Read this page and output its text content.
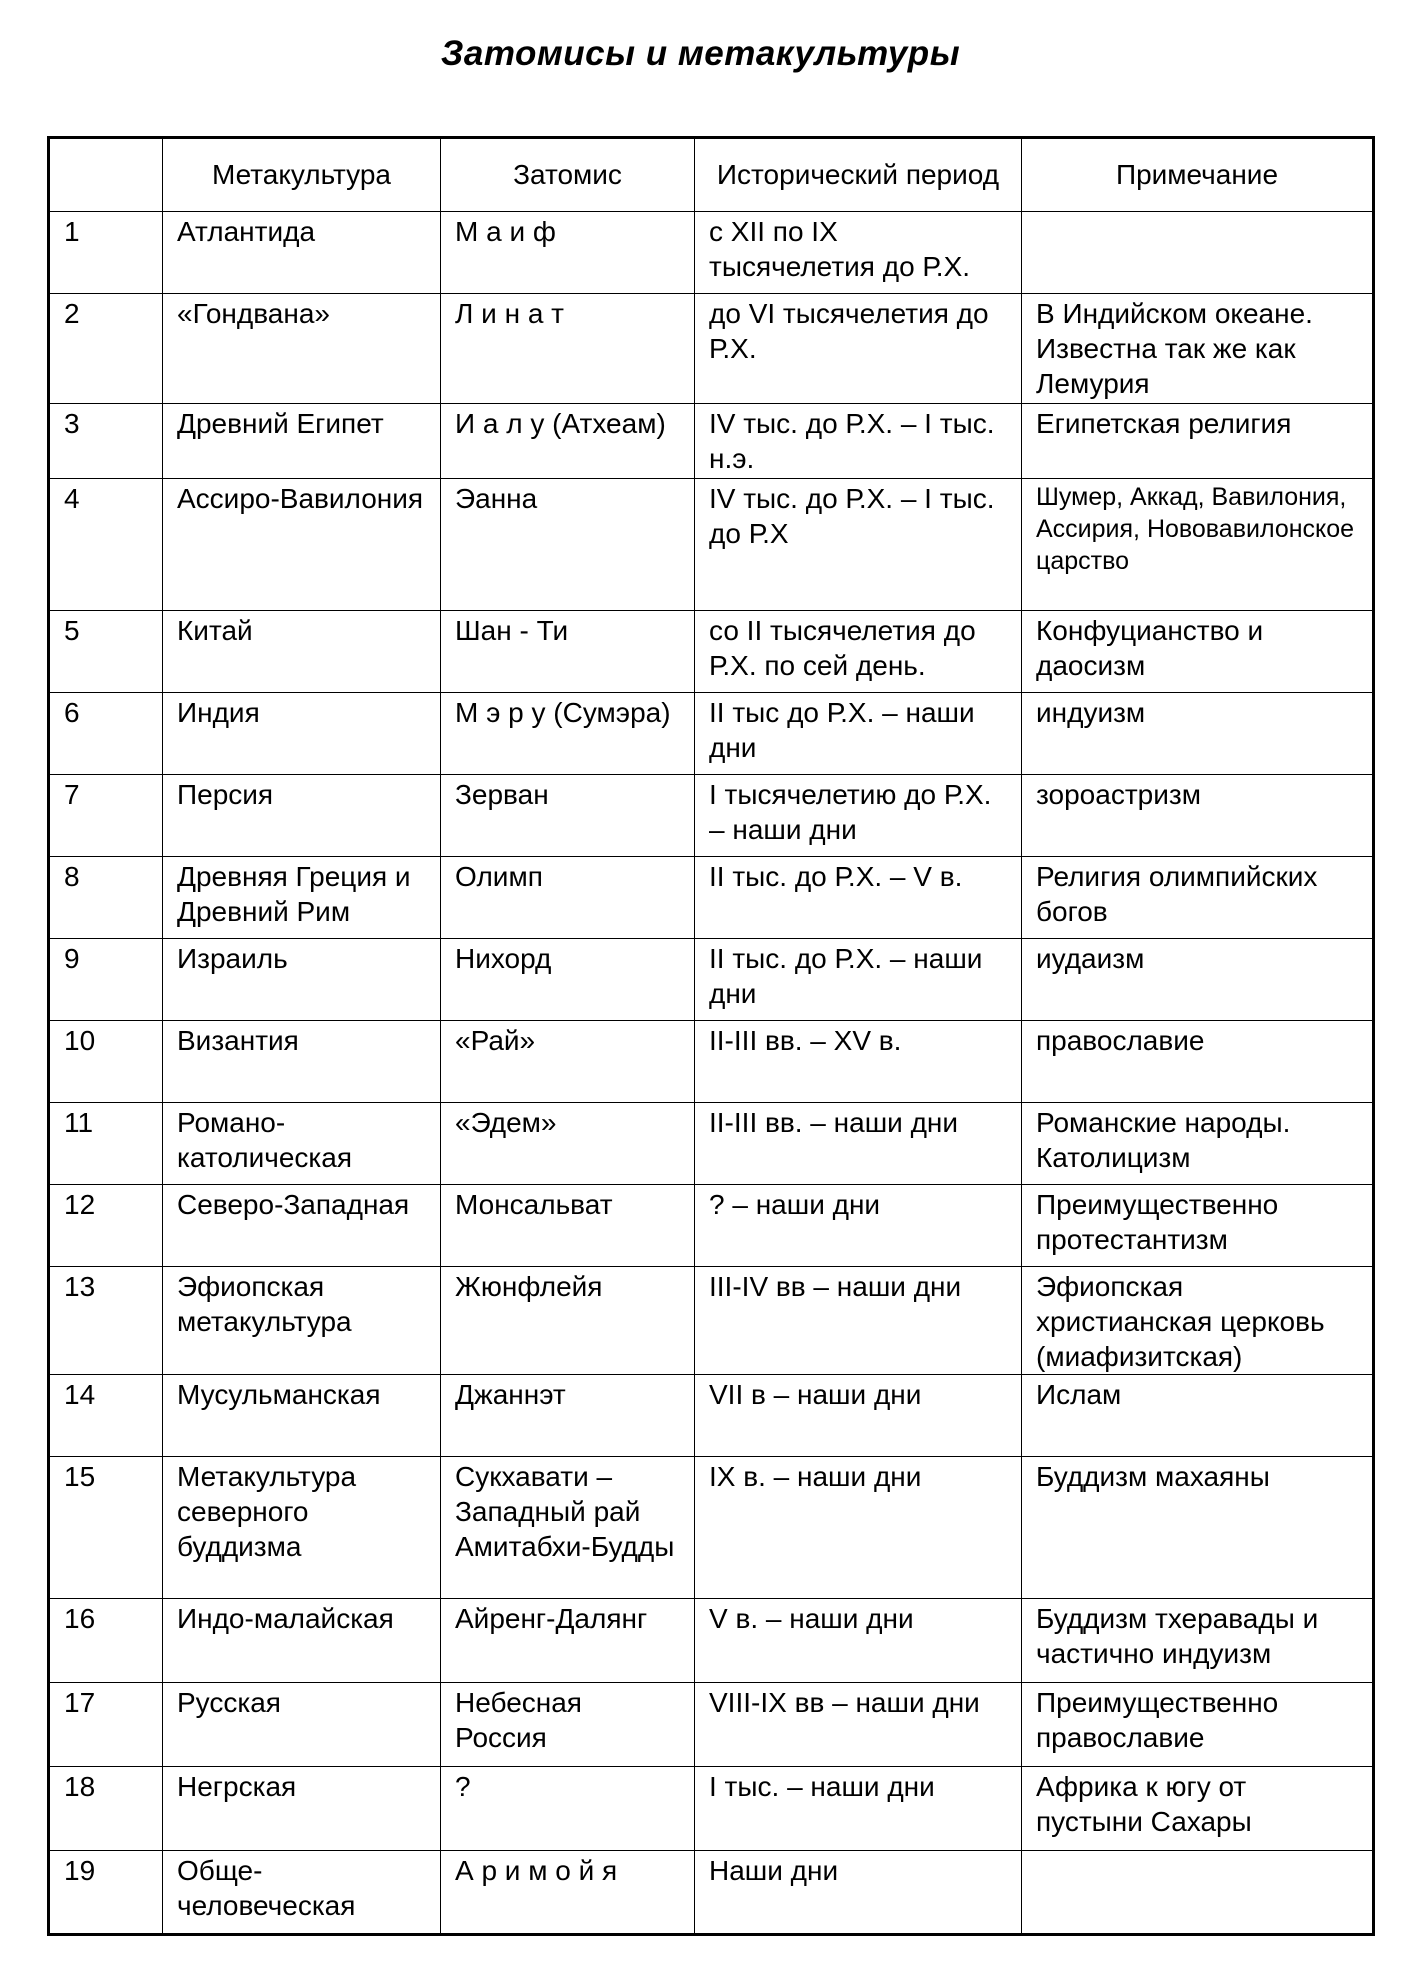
Затомисы и метакультуры
	Метакультура	Затомис	Исторический период	Примечание
1	Атлантида	М а и ф	с XII по IX тысячелетия до Р.Х.	
2	«Гондвана»	Л и н а т	до VI тысячелетия до Р.Х.	В Индийском океане. Известна так же как Лемурия
3	Древний Египет	И а л у (Атхеам)	IV тыс. до Р.Х. – I тыс. н.э.	Египетская религия
4	Ассиро-Вавилония	Эанна	IV тыс. до Р.Х. – I тыс. до Р.Х	Шумер, Аккад, Вавилония, Ассирия, Нововавилонское царство
5	Китай	Шан - Ти	со II тысячелетия до Р.Х. по сей день.	Конфуцианство и даосизм
6	Индия	М э р у (Сумэра)	II тыс до Р.Х. – наши дни	индуизм
7	Персия	Зерван	I тысячелетию до Р.Х. – наши дни	зороастризм
8	Древняя Греция и Древний Рим	Олимп	II тыс. до Р.Х. – V в.	Религия олимпийских богов
9	Израиль	Нихорд	II тыс. до Р.Х. – наши дни	иудаизм
10	Византия	«Рай»	II-III вв. – XV в.	православие
11	Романо-католическая	«Эдем»	II-III вв. – наши дни	Романские народы. Католицизм
12	Северо-Западная	Монсальват	? – наши дни	Преимущественно протестантизм
13	Эфиопская метакультура	Жюнфлейя	III-IV вв – наши дни	Эфиопская христианская церковь (миафизитская)
14	Мусульманская	Джаннэт	VII в – наши дни	Ислам
15	Метакультура северного буддизма	Сукхавати – Западный рай Амитабхи-Будды	IX в. – наши дни	Буддизм махаяны
16	Индо-малайская	Айренг-Далянг	V в. – наши дни	Буддизм тхеравады и частично индуизм
17	Русская	Небесная Россия	VIII-IX вв – наши дни	Преимущественно православие
18	Негрская	?	I тыс. – наши дни	Африка к югу от пустыни Сахары
19	Обще-человеческая	А р и м о й я	Наши дни	
